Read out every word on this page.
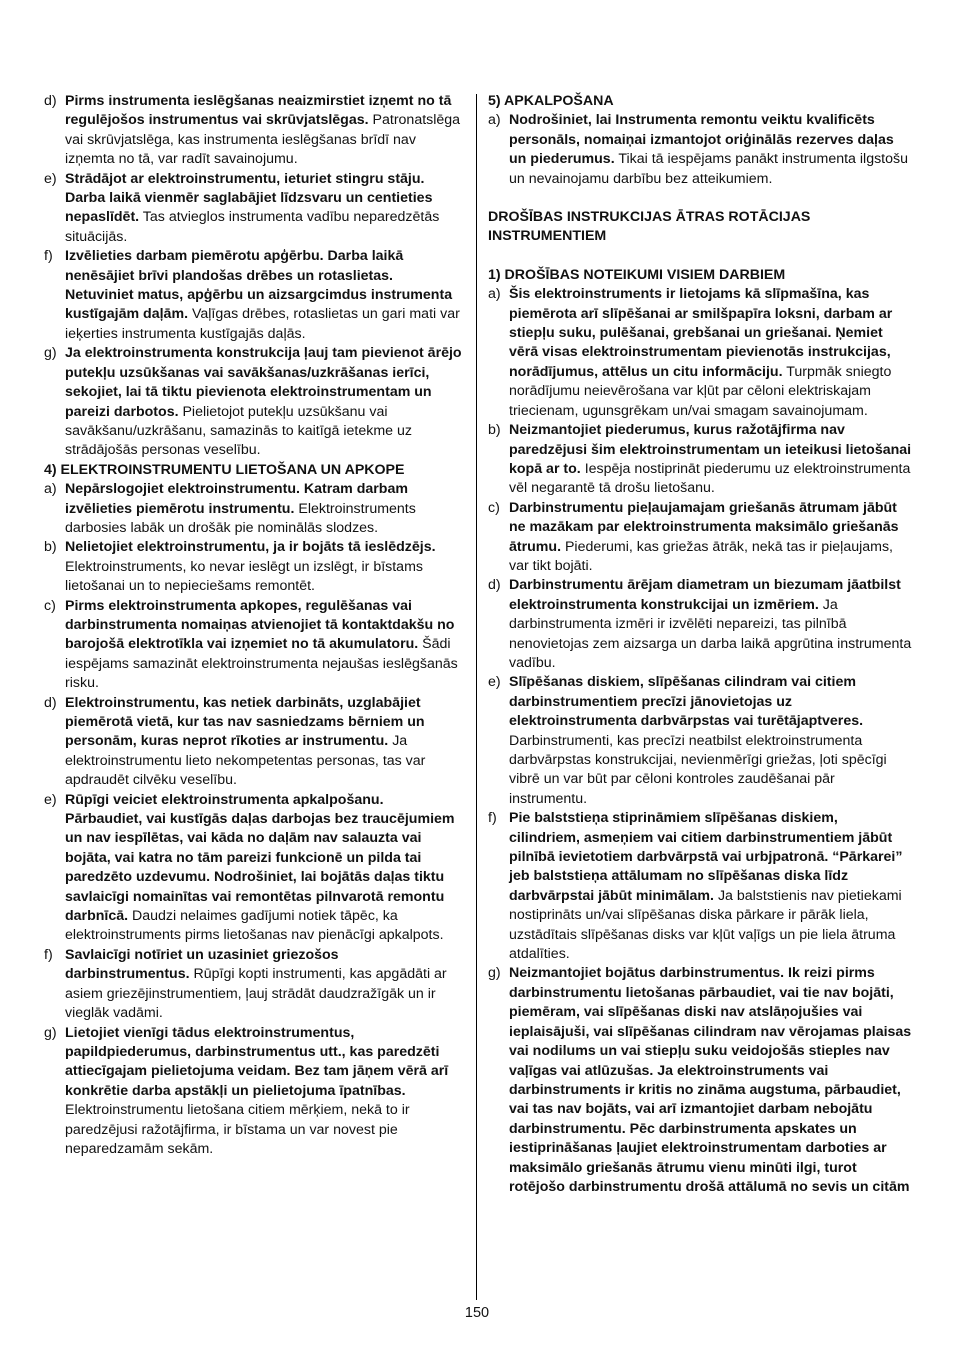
d) Pirms instrumenta ieslēgšanas neaizmirstiet izņemt no tā regulējošos instrumentus vai skrūvjatslēgas. Patronatslēga vai skrūvjatslēga, kas instrumenta ieslēgšanas brīdī nav izņemta no tā, var radīt savainojumu.
e) Strādājot ar elektroinstrumentu, ieturiet stingru stāju. Darba laikā vienmēr saglabājiet līdzsvaru un centieties nepaslīdēt. Tas atvieglos instrumenta vadību neparedzētās situācijās.
f) Izvēlieties darbam piemērotu apģērbu. Darba laikā nenēsājiet brīvi plandošas drēbes un rotaslietas. Netuviniet matus, apģērbu un aizsargcimdus instrumenta kustīgajām daļām. Vaļīgas drēbes, rotaslietas un gari mati var ieķerties instrumenta kustīgajās daļās.
g) Ja elektroinstrumenta konstrukcija ļauj tam pievienot ārējo putekļu uzsūkšanas vai savākšanas/uzkrāšanas ierīci, sekojiet, lai tā tiktu pievienota elektroinstrumentam un pareizi darbotos. Pielietojot putekļu uzsūkšanu vai savākšanu/uzkrāšanu, samazinās to kaitīgā ietekme uz strādājošās personas veselību.
4) ELEKTROINSTRUMENTU LIETOŠANA UN APKOPE
a) Nepārslogojiet elektroinstrumentu. Katram darbam izvēlieties piemērotu instrumentu. Elektroinstruments darbosies labāk un drošāk pie nominālās slodzes.
b) Nelietojiet elektroinstrumentu, ja ir bojāts tā ieslēdzējs. Elektroinstruments, ko nevar ieslēgt un izslēgt, ir bīstams lietošanai un to nepieciešams remontēt.
c) Pirms elektroinstrumenta apkopes, regulēšanas vai darbinstrumenta nomaiņas atvienojiet tā kontaktdakšu no barojošā elektrotīkla vai izņemiet no tā akumulatoru. Šādi iespējams samazināt elektroinstrumenta nejaušas ieslēgšanās risku.
d) Elektroinstrumentu, kas netiek darbināts, uzglabājiet piemērotā vietā, kur tas nav sasniedzams bērniem un personām, kuras neprot rīkoties ar instrumentu. Ja elektroinstrumentu lieto nekompetentas personas, tas var apdraudēt cilvēku veselību.
e) Rūpīgi veiciet elektroinstrumenta apkalpošanu. Pārbaudiet, vai kustīgās daļas darbojas bez traucējumiem un nav iespīlētas, vai kāda no daļām nav salauzta vai bojāta, vai katra no tām pareizi funkcionē un pilda tai paredzēto uzdevumu. Nodrošiniet, lai bojātās daļas tiktu savlaicīgi nomainītas vai remontētas pilnvarotā remontu darbnīcā. Daudzi nelaimes gadījumi notiek tāpēc, ka elektroinstruments pirms lietošanas nav pienācīgi apkalpots.
f) Savlaicīgi notīriet un uzasiniet griezošos darbinstrumentus. Rūpīgi kopti instrumenti, kas apgādāti ar asiem griezējinstrumentiem, ļauj strādāt daudzražīgāk un ir vieglāk vadāmi.
g) Lietojiet vienīgi tādus elektroinstrumentus, papildpiederumus, darbinstrumentus utt., kas paredzēti attiecīgajam pielietojuma veidam. Bez tam jāņem vērā arī konkrētie darba apstākļi un pielietojuma īpatnības. Elektroinstrumentu lietošana citiem mērķiem, nekā to ir paredzējusi ražotājfirma, ir bīstama un var novest pie neparedzamām sekām.
5) APKALPOŠANA
a) Nodrošiniet, lai Instrumenta remontu veiktu kvalificēts personāls, nomaiņai izmantojot oriģinālās rezerves daļas un piederumus. Tikai tā iespējams panākt instrumenta ilgstošu un nevainojamu darbību bez atteikumiem.
DROŠĪBAS INSTRUKCIJAS ĀTRAS ROTĀCIJAS INSTRUMENTIEM
1) DROŠĪBAS NOTEIKUMI VISIEM DARBIEM
a) Šis elektroinstruments ir lietojams kā slīpmašīna, kas piemērota arī slīpēšanai ar smilšpapīra loksni, darbam ar stiepļu suku, pulēšanai, grebšanai un griešanai. Ņemiet vērā visas elektroinstrumentam pievienotās instrukcijas, norādījumus, attēlus un citu informāciju. Turpmāk sniegto norādījumu neievērošana var kļūt par cēloni elektriskajam triecienam, ugunsgrēkam un/vai smagam savainojumam.
b) Neizmantojiet piederumus, kurus ražotājfirma nav paredzējusi šim elektroinstrumentam un ieteikusi lietošanai kopā ar to. Iespēja nostiprināt piederumu uz elektroinstrumenta vēl negarantē tā drošu lietošanu.
c) Darbinstrumentu pieļaujamajam griešanās ātrumam jābūt ne mazākam par elektroinstrumenta maksimālo griešanās ātrumu. Piederumi, kas griežas ātrāk, nekā tas ir pieļaujams, var tikt bojāti.
d) Darbinstrumentu ārējam diametram un biezumam jāatbilst elektroinstrumenta konstrukcijai un izmēriem. Ja darbinstrumenta izmēri ir izvēlēti nepareizi, tas pilnībā nenovietojas zem aizsarga un darba laikā apgrūtina instrumenta vadību.
e) Slīpēšanas diskiem, slīpēšanas cilindram vai citiem darbinstrumentiem precīzi jānovietojas uz elektroinstrumenta darbvārpstas vai turētājaptveres. Darbinstrumenti, kas precīzi neatbilst elektroinstrumenta darbvārpstas konstrukcijai, nevienmērīgi griežas, ļoti spēcīgi vibrē un var būt par cēloni kontroles zaudēšanai pār instrumentu.
f) Pie balststieņa stiprināmiem slīpēšanas diskiem, cilindriem, asmeņiem vai citiem darbinstrumentiem jābūt pilnībā ievietotiem darbvārpstā vai urbjpatronā. “Pārkarei” jeb balststieņa attālumam no slīpēšanas diska līdz darbvārpstai jābūt minimālam. Ja balststienis nav pietiekami nostiprināts un/vai slīpēšanas diska pārkare ir pārāk liela, uzstādītais slīpēšanas disks var kļūt vaļīgs un pie liela ātruma atdalīties.
g) Neizmantojiet bojātus darbinstrumentus. Ik reizi pirms darbinstrumentu lietošanas pārbaudiet, vai tie nav bojāti, piemēram, vai slīpēšanas diski nav atslāņojušies vai ieplaisājuši, vai slīpēšanas cilindram nav vērojamas plaisas vai nodilums un vai stiepļu suku veidojošās stieples nav vaļīgas vai atlūzušas. Ja elektroinstruments vai darbinstruments ir kritis no zināma augstuma, pārbaudiet, vai tas nav bojāts, vai arī izmantojiet darbam nebojātu darbinstrumentu. Pēc darbinstrumenta apskates un iestiprināšanas ļaujiet elektroinstrumentam darboties ar maksimālo griešanās ātrumu vienu minūti ilgi, turot rotējošo darbinstrumentu drošā attālumā no sevis un citām
150
